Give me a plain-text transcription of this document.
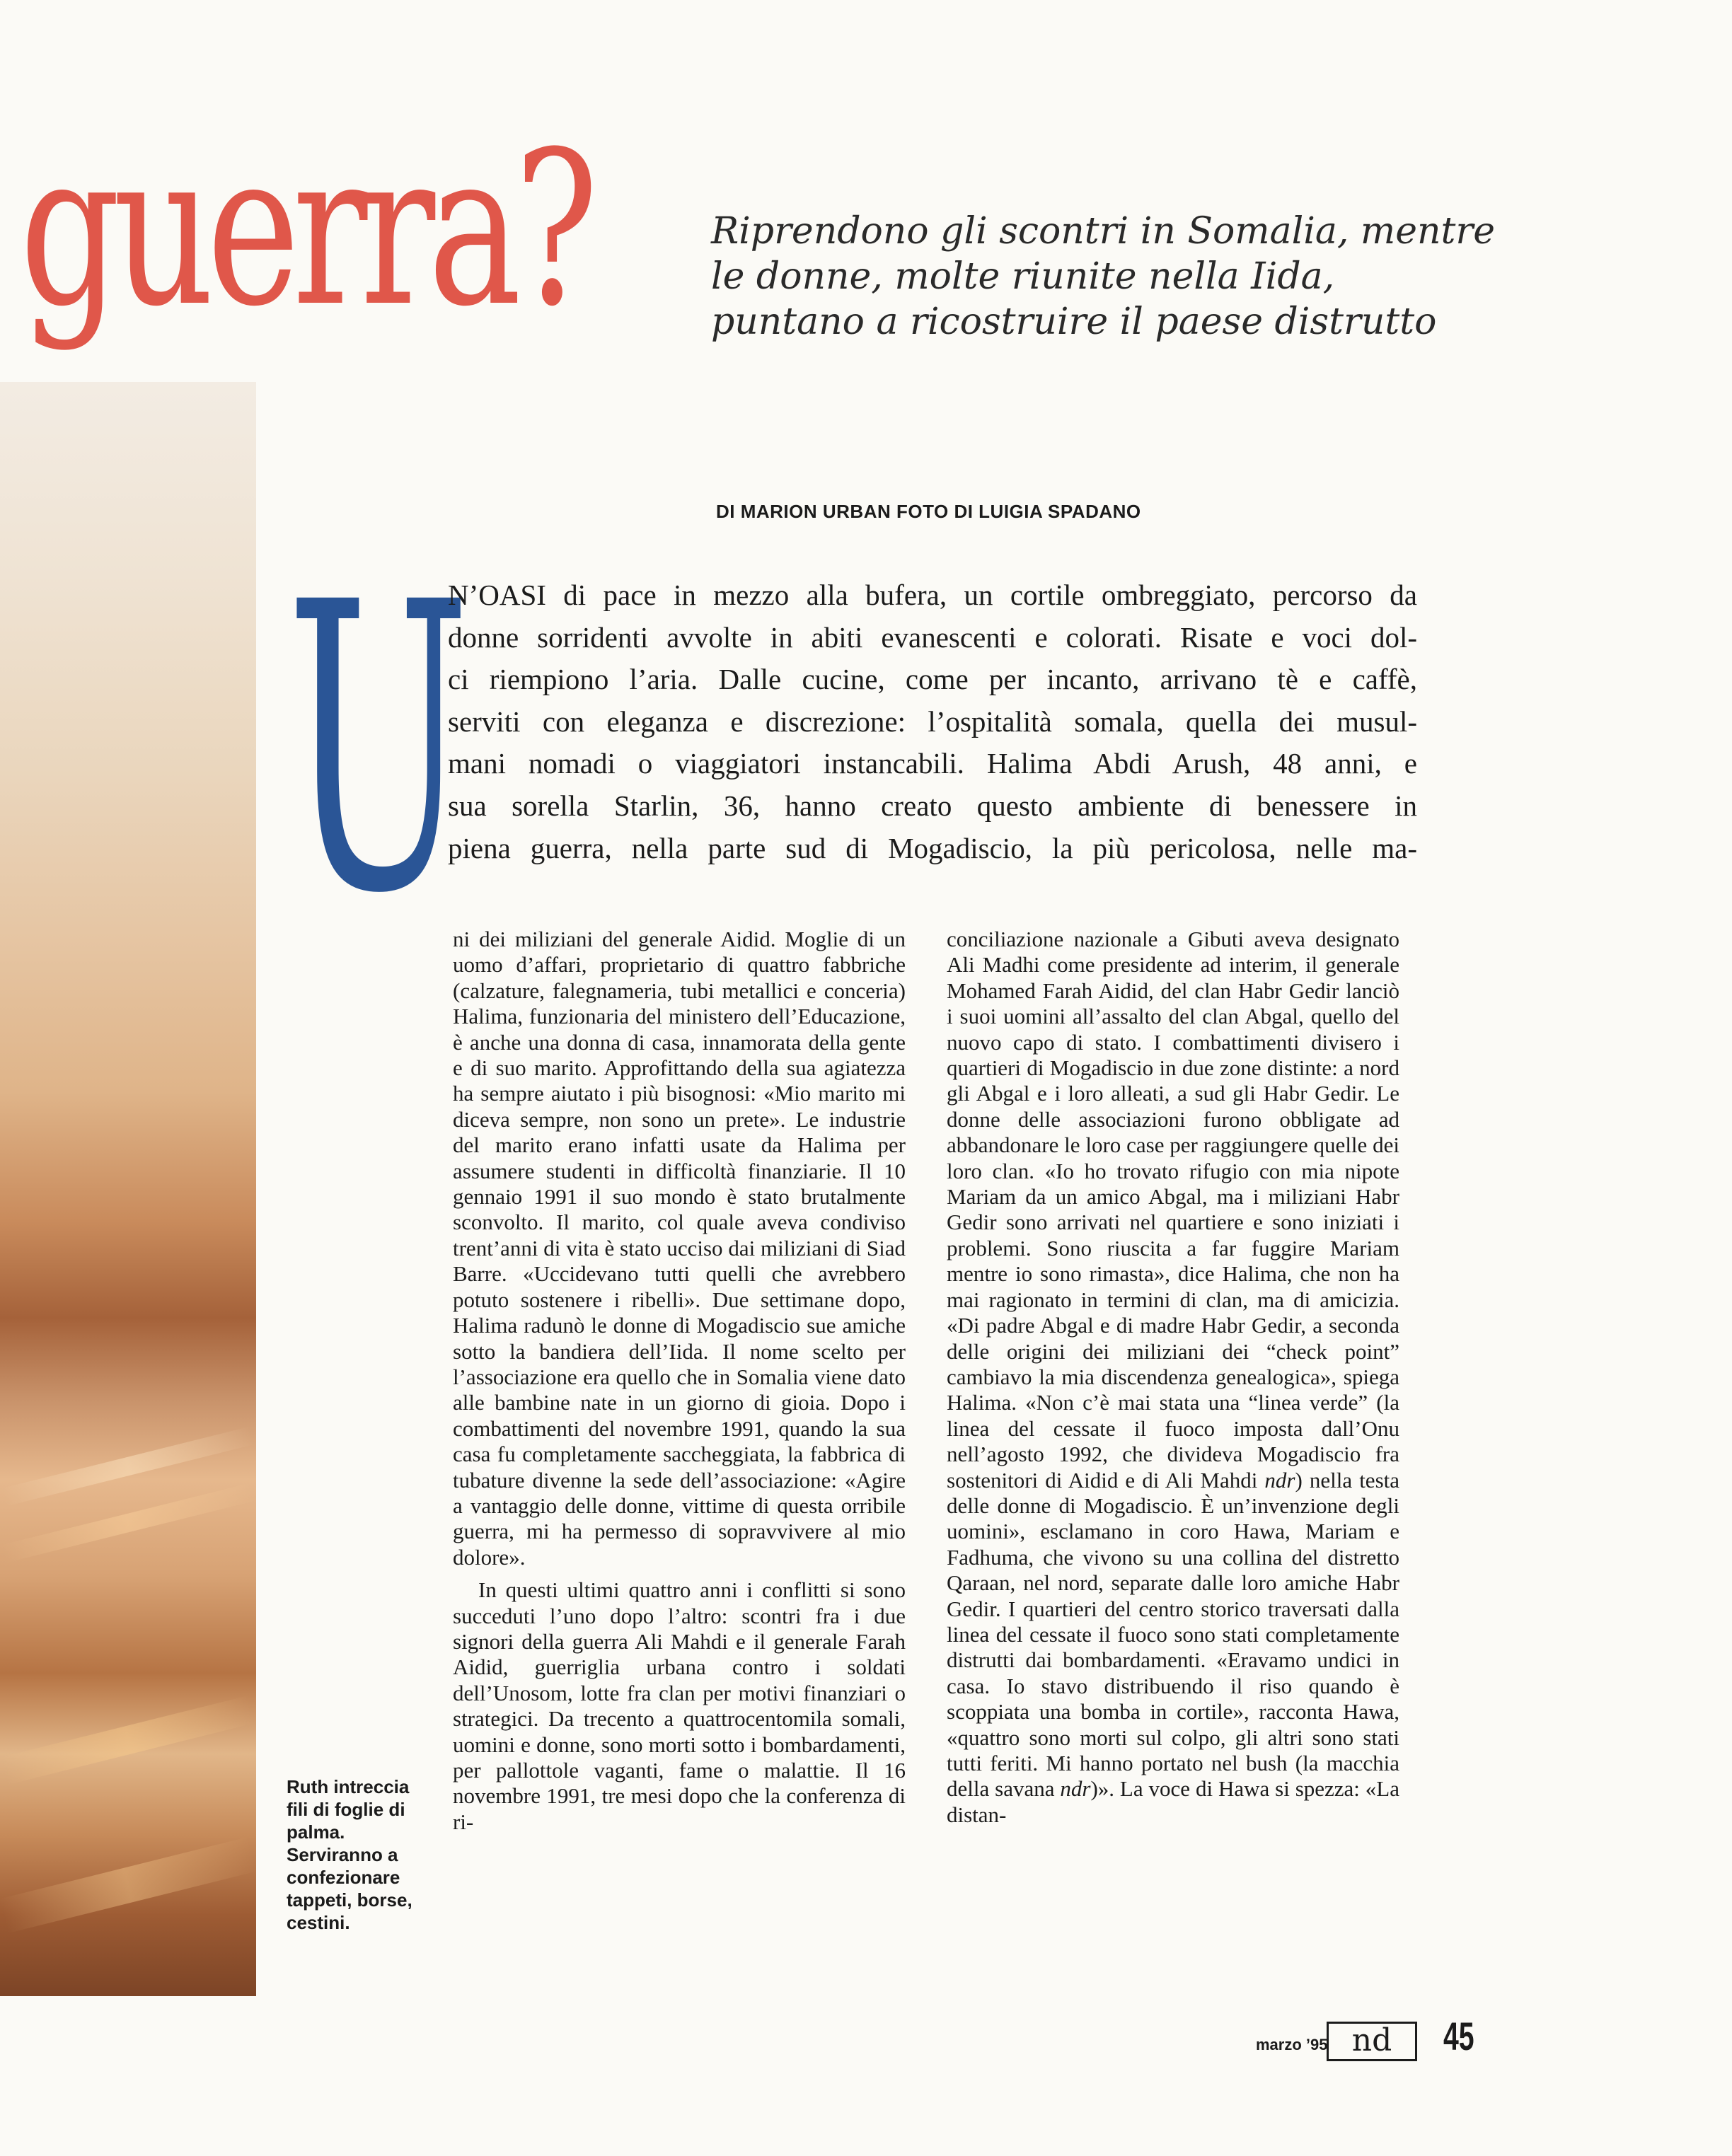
guerra?	Riprendono gli scontri in Somalia, mentre
le donne, molte riunite nella Iida,
puntano a ricostruire il paese distrutto
DI MARION URBAN FOTO DI LUIGIA SPADANO
U
N’OASI di pace in mezzo alla bufera, un cortile ombreggiato, percorso da
donne sorridenti avvolte in abiti evanescenti e colorati. Risate e voci dol-
ci riempiono l’aria. Dalle cucine, come per incanto, arrivano tè e caffè,
serviti con eleganza e discrezione: l’ospitalità somala, quella dei musul-
mani nomadi o viaggiatori instancabili. Halima Abdi Arush, 48 anni, e
sua sorella Starlin, 36, hanno creato questo ambiente di benessere in
piena guerra, nella parte sud di Mogadiscio, la più pericolosa, nelle ma-

ni dei miliziani del generale Aidid. Moglie di un uomo d’affari, proprietario di quattro fabbriche (calzature, falegnameria, tubi metallici e conceria) Halima, funzionaria del ministero dell’Educazione, è anche una donna di casa, innamorata della gente e di suo marito. Approfittando della sua agiatezza ha sempre aiutato i più bisognosi: «Mio marito mi diceva sempre, non sono un prete». Le industrie del marito erano infatti usate da Halima per assumere studenti in difficoltà finanziarie. Il 10 gennaio 1991 il suo mondo è stato brutalmente sconvolto. Il marito, col quale aveva condiviso trent’anni di vita è stato ucciso dai miliziani di Siad Barre. «Uccidevano tutti quelli che avrebbero potuto sostenere i ribelli». Due settimane dopo, Halima radunò le donne di Mogadiscio sue amiche sotto la bandiera dell’Iida. Il nome scelto per l’associazione era quello che in Somalia viene dato alle bambine nate in un giorno di gioia. Dopo i combattimenti del novembre 1991, quando la sua casa fu completamente saccheggiata, la fabbrica di tubature divenne la sede dell’associazione: «Agire a vantaggio delle donne, vittime di questa orribile guerra, mi ha permesso di sopravvivere al mio dolore».

In questi ultimi quattro anni i conflitti si sono succeduti l’uno dopo l’altro: scontri fra i due signori della guerra Ali Mahdi e il generale Farah Aidid, guerriglia urbana contro i soldati dell’Unosom, lotte fra clan per motivi finanziari o strategici. Da trecento a quattrocentomila somali, uomini e donne, sono morti sotto i bombardamenti, per pallottole vaganti, fame o malattie. Il 16 novembre 1991, tre mesi dopo che la conferenza di ri-

conciliazione nazionale a Gibuti aveva designato Ali Madhi come presidente ad interim, il generale Mohamed Farah Aidid, del clan Habr Gedir lanciò i suoi uomini all’assalto del clan Abgal, quello del nuovo capo di stato. I combattimenti divisero i quartieri di Mogadiscio in due zone distinte: a nord gli Abgal e i loro alleati, a sud gli Habr Gedir. Le donne delle associazioni furono obbligate ad abbandonare le loro case per raggiungere quelle dei loro clan. «Io ho trovato rifugio con mia nipote Mariam da un amico Abgal, ma i miliziani Habr Gedir sono arrivati nel quartiere e sono iniziati i problemi. Sono riuscita a far fuggire Mariam mentre io sono rimasta», dice Halima, che non ha mai ragionato in termini di clan, ma di amicizia. «Di padre Abgal e di madre Habr Gedir, a seconda delle origini dei miliziani dei “check point” cambiavo la mia discendenza genealogica», spiega Halima. «Non c’è mai stata una “linea verde” (la linea del cessate il fuoco imposta dall’Onu nell’agosto 1992, che divideva Mogadiscio fra sostenitori di Aidid e di Ali Mahdi ndr) nella testa delle donne di Mogadiscio. È un’invenzione degli uomini», esclamano in coro Hawa, Mariam e Fadhuma, che vivono su una collina del distretto Qaraan, nel nord, separate dalle loro amiche Habr Gedir. I quartieri del centro storico traversati dalla linea del cessate il fuoco sono stati completamente distrutti dai bombardamenti. «Eravamo undici in casa. Io stavo distribuendo il riso quando è scoppiata una bomba in cortile», racconta Hawa, «quattro sono morti sul colpo, gli altri sono stati tutti feriti. Mi hanno portato nel bush (la macchia della savana ndr)». La voce di Hawa si spezza: «La distan-

Ruth intreccia fili di foglie di palma. Serviranno a confezionare tappeti, borse, cestini.
marzo ’95 nd	45
